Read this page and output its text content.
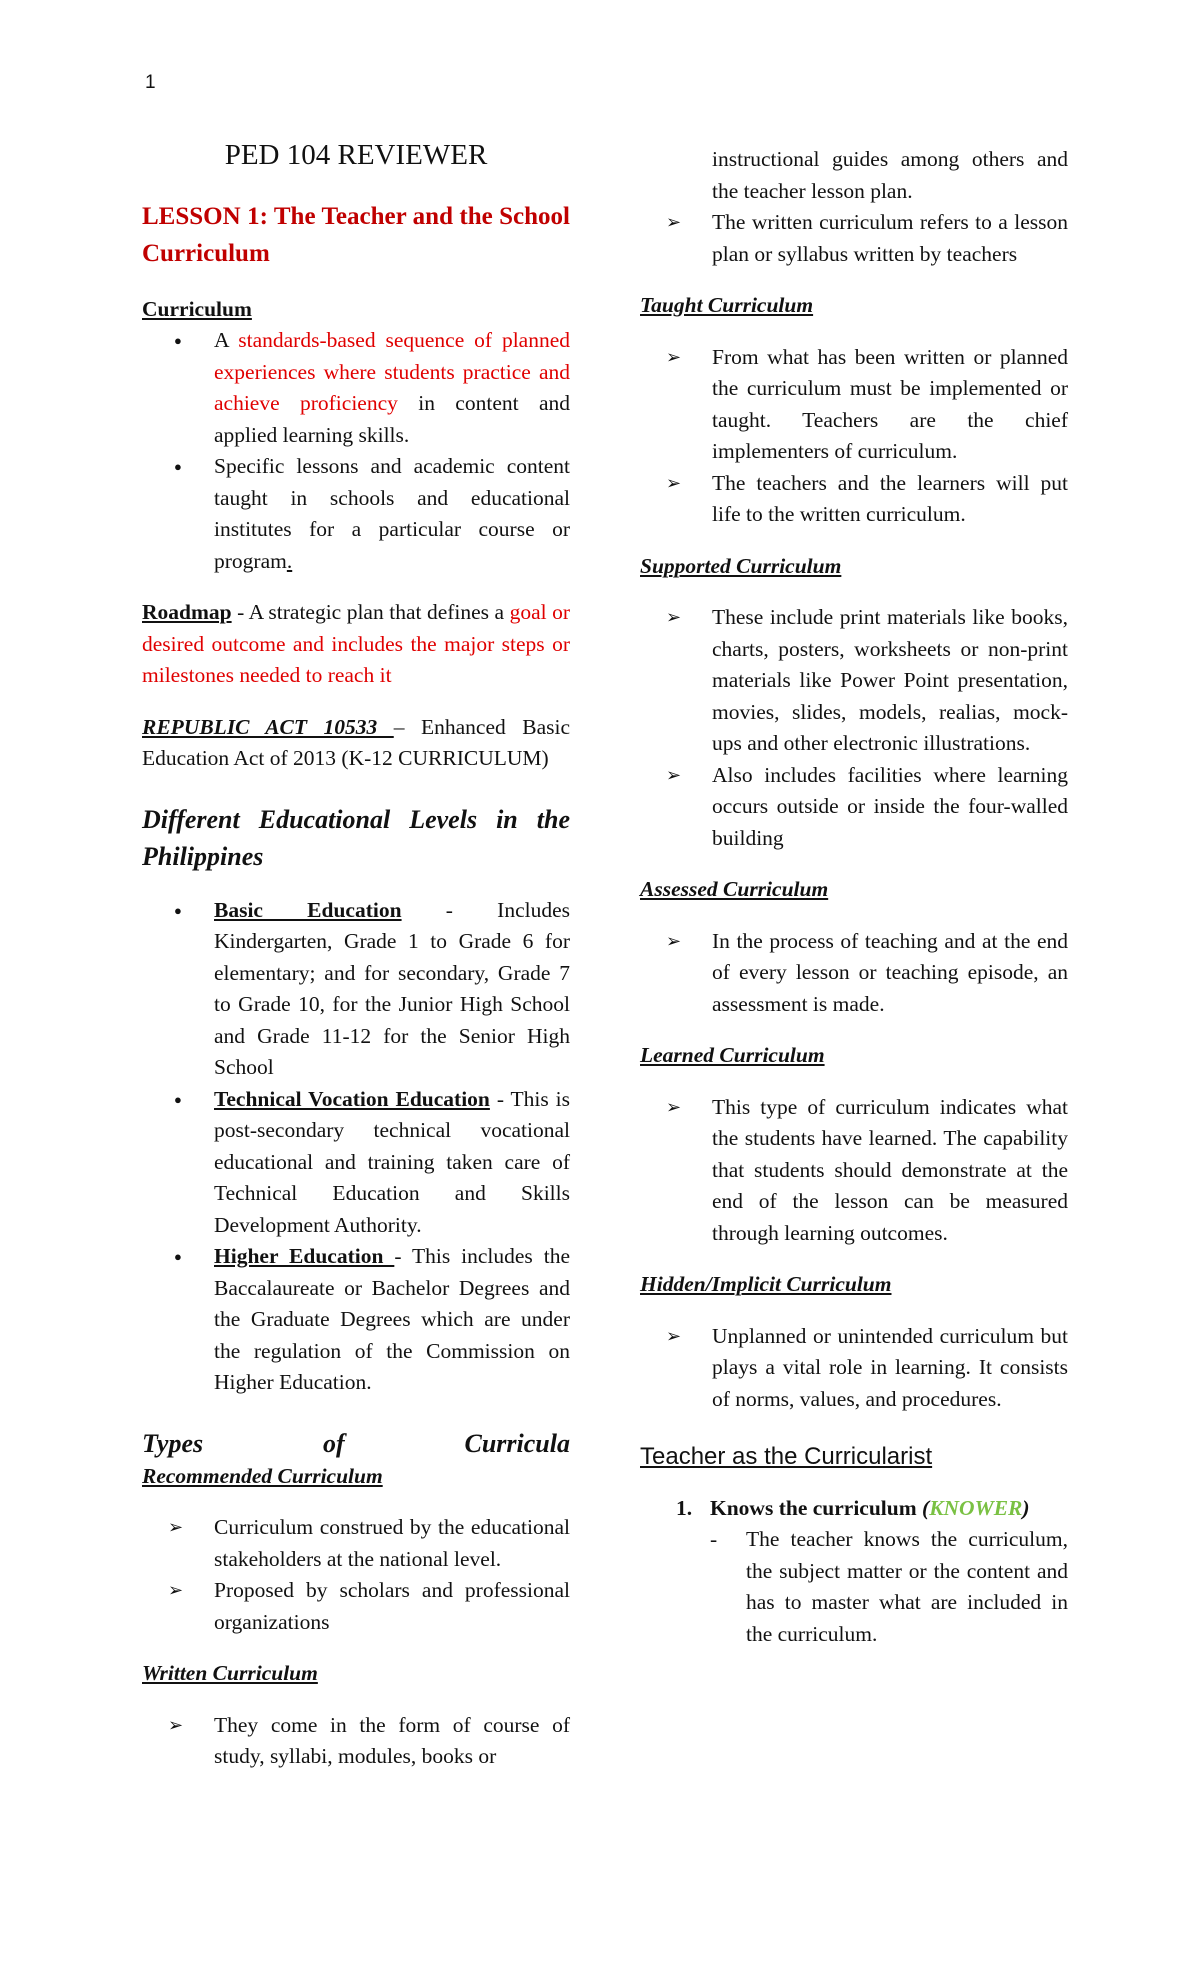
1

PED 104 REVIEWER

LESSON 1: The Teacher and the School Curriculum

Curriculum

● A standards-based sequence of planned experiences where students practice and achieve proficiency in content and applied learning skills.
● Specific lessons and academic content taught in schools and educational institutes for a particular course or program.

Roadmap - A strategic plan that defines a goal or desired outcome and includes the major steps or milestones needed to reach it

REPUBLIC ACT 10533 – Enhanced Basic Education Act of 2013 (K-12 CURRICULUM)

Different Educational Levels in the Philippines

● Basic Education - Includes Kindergarten, Grade 1 to Grade 6 for elementary; and for secondary, Grade 7 to Grade 10, for the Junior High School and Grade 11-12 for the Senior High School
● Technical Vocation Education - This is post-secondary technical vocational educational and training taken care of Technical Education and Skills Development Authority.
● Higher Education - This includes the Baccalaureate or Bachelor Degrees and the Graduate Degrees which are under the regulation of the Commission on Higher Education.
Types	of	Curricula

Recommended Curriculum

➢ Curriculum construed by the educational stakeholders at the national level.
➢ Proposed by scholars and professional organizations

Written Curriculum

➢ They come in the form of course of study, syllabi, modules, books or
instructional guides among others and the teacher lesson plan.
➢ The written curriculum refers to a lesson plan or syllabus written by teachers

Taught Curriculum

➢ From what has been written or planned the curriculum must be implemented or taught. Teachers are the chief implementers of curriculum.
➢ The teachers and the learners will put life to the written curriculum.

Supported Curriculum

➢ These include print materials like books, charts, posters, worksheets or non-print materials like Power Point presentation, movies, slides, models, realias, mock-ups and other electronic illustrations.
➢ Also includes facilities where learning occurs outside or inside the four-walled building

Assessed Curriculum

➢ In the process of teaching and at the end of every lesson or teaching episode, an assessment is made.

Learned Curriculum

➢ This type of curriculum indicates what the students have learned. The capability that students should demonstrate at the end of the lesson can be measured through learning outcomes.

Hidden/Implicit Curriculum

➢ Unplanned or unintended curriculum but plays a vital role in learning. It consists of norms, values, and procedures.

Teacher as the Curricularist

1. Knows the curriculum (KNOWER)
- The teacher knows the curriculum, the subject matter or the content and has to master what are included in the curriculum.
